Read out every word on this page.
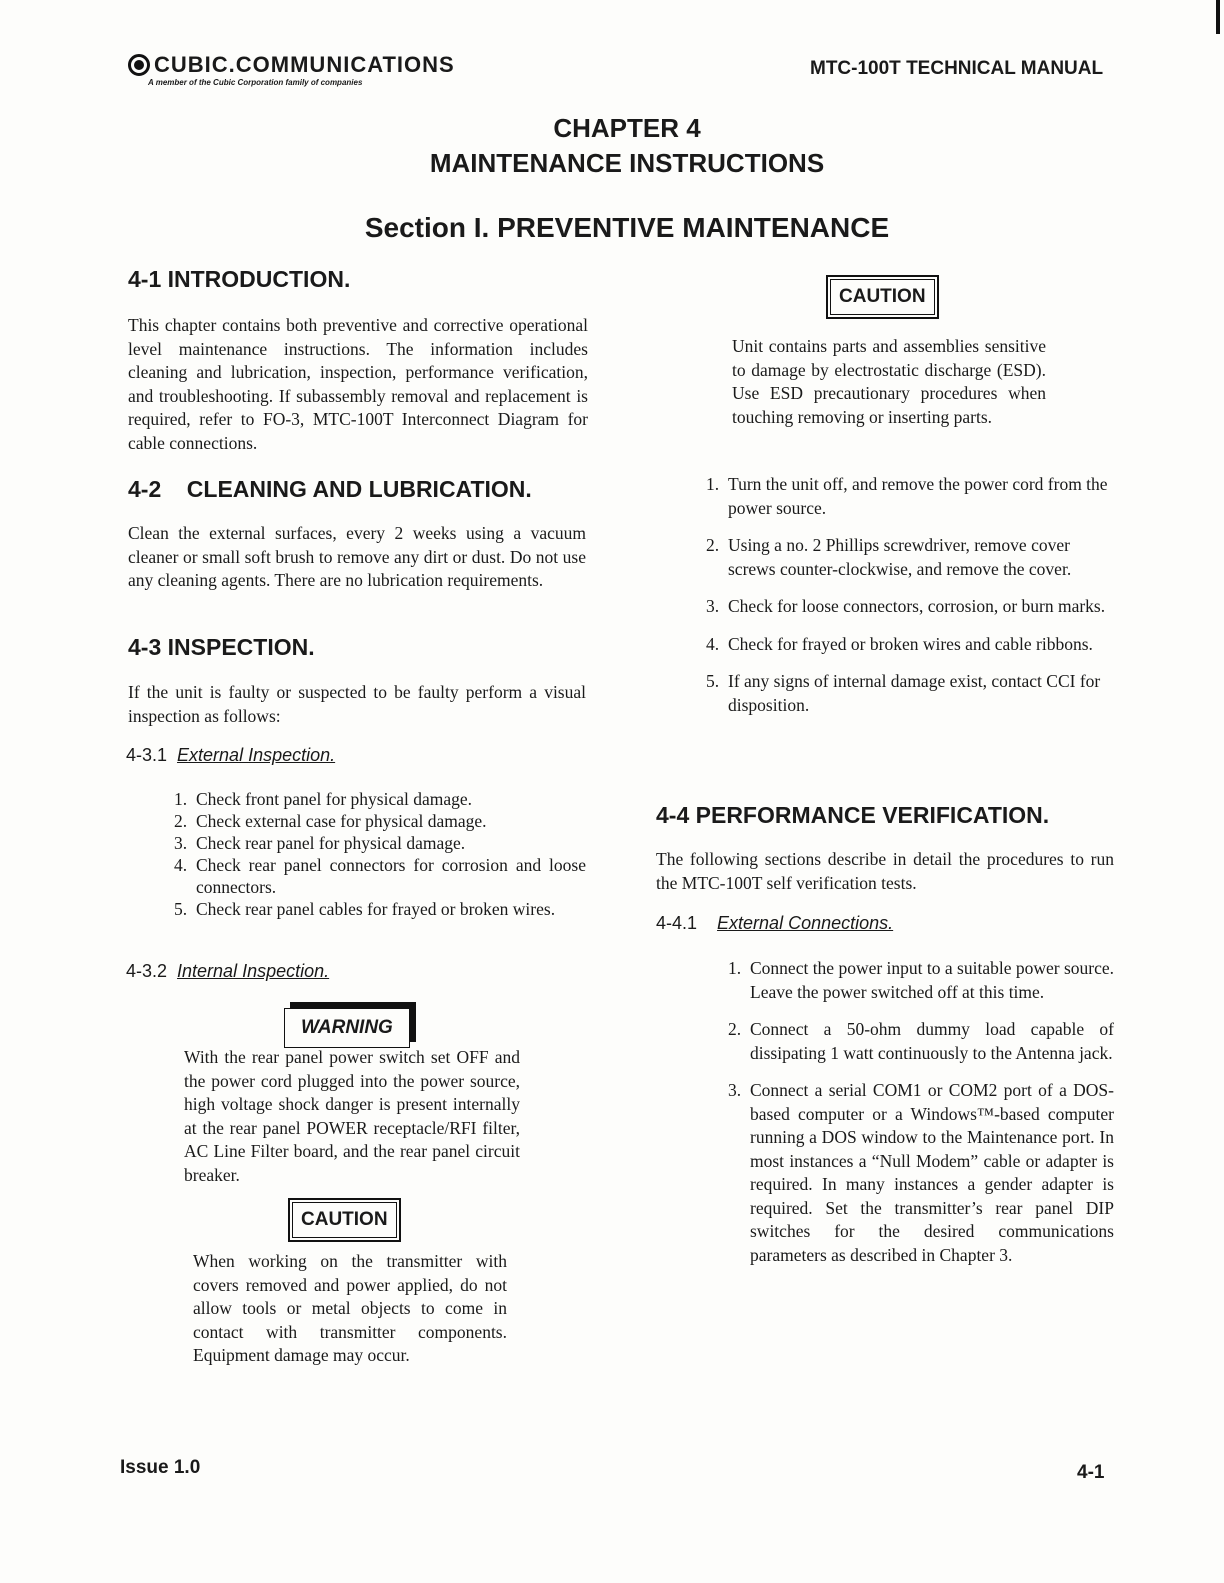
CUBIC.COMMUNICATIONS
A member of the Cubic Corporation family of companies
MTC-100T TECHNICAL MANUAL
CHAPTER 4
MAINTENANCE INSTRUCTIONS
Section I. PREVENTIVE MAINTENANCE
4-1 INTRODUCTION.
This chapter contains both preventive and corrective operational level maintenance instructions. The information includes cleaning and lubrication, inspection, performance verification, and troubleshooting. If subassembly removal and replacement is required, refer to FO-3, MTC-100T Interconnect Diagram for cable connections.
4-2    CLEANING AND LUBRICATION.
Clean the external surfaces, every 2 weeks using a vacuum cleaner or small soft brush to remove any dirt or dust. Do not use any cleaning agents. There are no lubrication requirements.
4-3 INSPECTION.
If the unit is faulty or suspected to be faulty perform a visual inspection as follows:
4-3.1 External Inspection.
1. Check front panel for physical damage.
2. Check external case for physical damage.
3. Check rear panel for physical damage.
4. Check rear panel connectors for corrosion and loose connectors.
5. Check rear panel cables for frayed or broken wires.
4-3.2 Internal Inspection.
WARNING
With the rear panel power switch set OFF and the power cord plugged into the power source, high voltage shock danger is present internally at the rear panel POWER receptacle/RFI filter, AC Line Filter board, and the rear panel circuit breaker.
CAUTION
When working on the transmitter with covers removed and power applied, do not allow tools or metal objects to come in contact with transmitter components. Equipment damage may occur.
CAUTION
Unit contains parts and assemblies sensitive to damage by electrostatic discharge (ESD). Use ESD precautionary procedures when touching removing or inserting parts.
1. Turn the unit off, and remove the power cord from the power source.
2. Using a no. 2 Phillips screwdriver, remove cover screws counter-clockwise, and remove the cover.
3. Check for loose connectors, corrosion, or burn marks.
4. Check for frayed or broken wires and cable ribbons.
5. If any signs of internal damage exist, contact CCI for disposition.
4-4 PERFORMANCE VERIFICATION.
The following sections describe in detail the procedures to run the MTC-100T self verification tests.
4-4.1 External Connections.
1. Connect the power input to a suitable power source. Leave the power switched off at this time.
2. Connect a 50-ohm dummy load capable of dissipating 1 watt continuously to the Antenna jack.
3. Connect a serial COM1 or COM2 port of a DOS-based computer or a Windows™-based computer running a DOS window to the Maintenance port. In most instances a “Null Modem” cable or adapter is required. In many instances a gender adapter is required. Set the transmitter’s rear panel DIP switches for the desired communications parameters as described in Chapter 3.
Issue 1.0	4-1
